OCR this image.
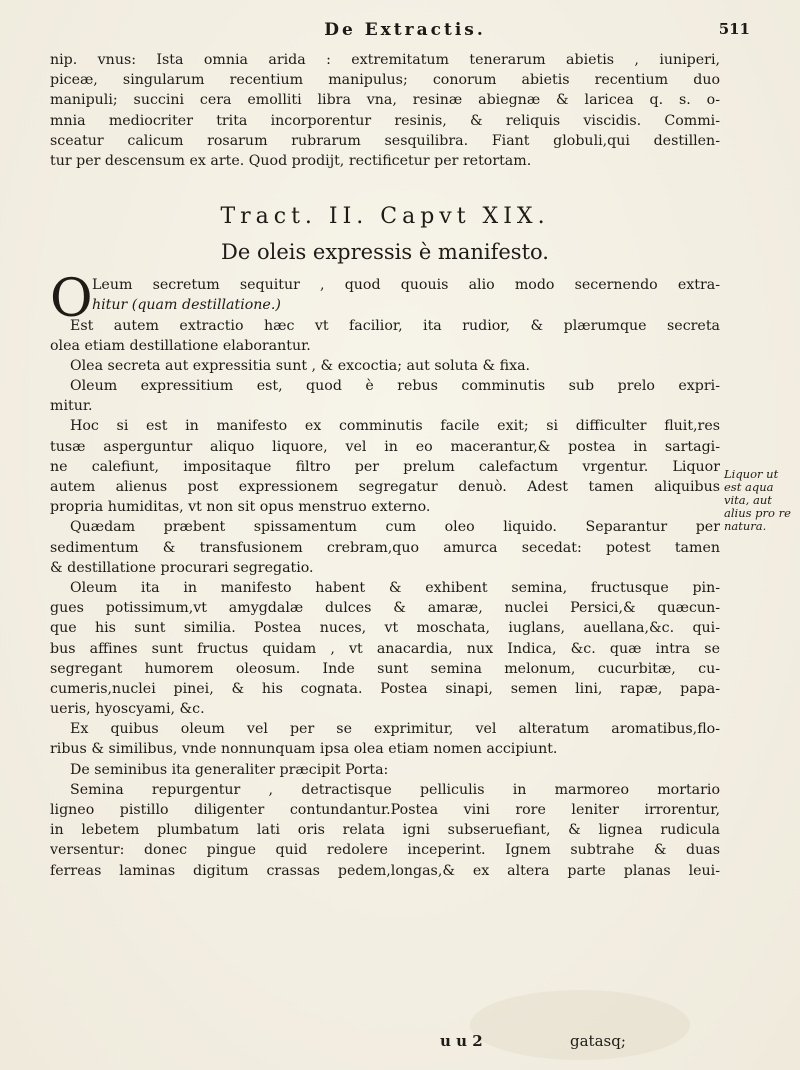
De Extractis.	511
nip. vnus: Ista omnia arida : extremitatum tenerarum abietis , iuniperi,
piceæ, singularum recentium manipulus; conorum abietis recentium duo
manipuli; succini cera emolliti libra vna, resinæ abiegnæ & laricea q. s. o-
mnia mediocriter trita incorporentur resinis, & reliquis viscidis. Commi-
sceatur calicum rosarum rubrarum sesquilibra. Fiant globuli,qui destillen-
tur per descensum ex arte. Quod prodijt, rectificetur per retortam.
Tract. II. Capvt XIX.
De oleis expressis è manifesto.
O Leum secretum sequitur , quod quouis alio modo secernendo extra-
hitur (quam destillatione.)
Est autem extractio hæc vt facilior, ita rudior, & plærumque secreta
olea etiam destillatione elaborantur.
Olea secreta aut expressitia sunt , & excoctia; aut soluta & fixa.
Oleum expressitium est, quod è rebus comminutis sub prelo expri-
mitur.
Hoc si est in manifesto ex comminutis facile exit; si difficulter fluit,res
tusæ asperguntur aliquo liquore, vel in eo macerantur,& postea in sartagi-
ne calefiunt, impositaque filtro per prelum calefactum vrgentur. Liquor
autem alienus post expressionem segregatur denuò. Adest tamen aliquibus
propria humiditas, vt non sit opus menstruo externo.
Quædam præbent spissamentum cum oleo liquido. Separantur per
sedimentum & transfusionem crebram,quo amurca secedat: potest tamen
& destillatione procurari segregatio.
Oleum ita in manifesto habent & exhibent semina, fructusque pin-
gues potissimum,vt amygdalæ dulces & amaræ, nuclei Persici,& quæcun-
que his sunt similia. Postea nuces, vt moschata, iuglans, auellana,&c. qui-
bus affines sunt fructus quidam , vt anacardia, nux Indica, &c. quæ intra se
segregant humorem oleosum. Inde sunt semina melonum, cucurbitæ, cu-
cumeris,nuclei pinei, & his cognata. Postea sinapi, semen lini, rapæ, papa-
ueris, hyoscyami, &c.
Ex quibus oleum vel per se exprimitur, vel alteratum aromatibus,flo-
ribus & similibus, vnde nonnunquam ipsa olea etiam nomen accipiunt.
De seminibus ita generaliter præcipit Porta:
Semina repurgentur , detractisque pelliculis in marmoreo mortario
ligneo pistillo diligenter contundantur.Postea vini rore leniter irrorentur,
in lebetem plumbatum lati oris relata igni subseruefiant, & lignea rudicula
versentur: donec pingue quid redolere inceperint. Ignem subtrahe & duas
ferreas laminas digitum crassas pedem,longas,& ex altera parte planas leui-
Liquor ut est aqua vita, aut alius pro re natura.
u u 2	gatasq;
